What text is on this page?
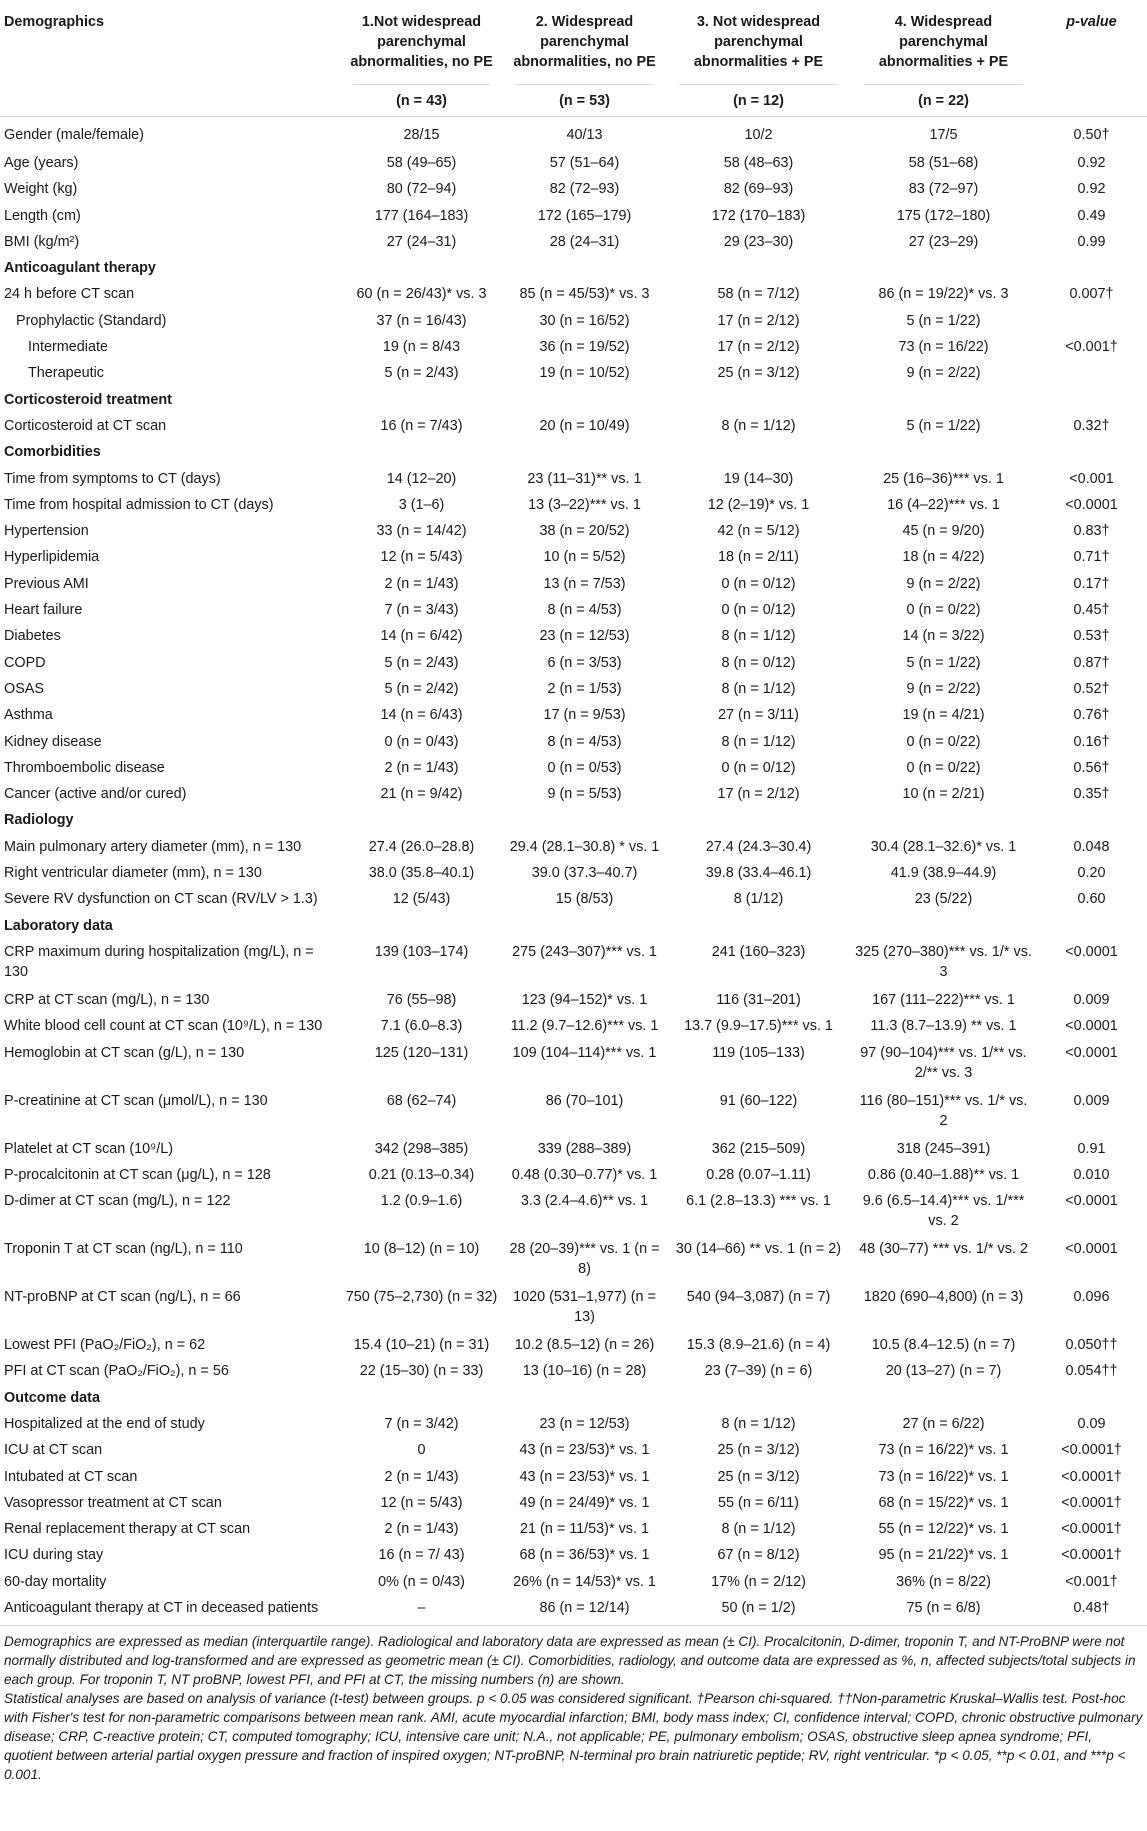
Demographics	1.Not widespread parenchymal abnormalities, no PE	2. Widespread parenchymal abnormalities, no PE	3. Not widespread parenchymal abnormalities + PE	4. Widespread parenchymal abnormalities + PE	p-value

	(n = 43)	(n = 53)	(n = 12)	(n = 22)	

Gender (male/female)	28/15	40/13	10/2	17/5	0.50†
Age (years)	58 (49–65)	57 (51–64)	58 (48–63)	58 (51–68)	0.92
Weight (kg)	80 (72–94)	82 (72–93)	82 (69–93)	83 (72–97)	0.92
Length (cm)	177 (164–183)	172 (165–179)	172 (170–183)	175 (172–180)	0.49
BMI (kg/m²)	27 (24–31)	28 (24–31)	29 (23–30)	27 (23–29)	0.99
Anticoagulant therapy					
24 h before CT scan	60 (n = 26/43)* vs. 3	85 (n = 45/53)* vs. 3	58 (n = 7/12)	86 (n = 19/22)* vs. 3	0.007†
Prophylactic (Standard)	37 (n = 16/43)	30 (n = 16/52)	17 (n = 2/12)	5 (n = 1/22)	
Intermediate	19 (n = 8/43	36 (n = 19/52)	17 (n = 2/12)	73 (n = 16/22)	<0.001†
Therapeutic	5 (n = 2/43)	19 (n = 10/52)	25 (n = 3/12)	9 (n = 2/22)	
Corticosteroid treatment					
Corticosteroid at CT scan	16 (n = 7/43)	20 (n = 10/49)	8 (n = 1/12)	5 (n = 1/22)	0.32†
Comorbidities					
Time from symptoms to CT (days)	14 (12–20)	23 (11–31)** vs. 1	19 (14–30)	25 (16–36)*** vs. 1	<0.001
Time from hospital admission to CT (days)	3 (1–6)	13 (3–22)*** vs. 1	12 (2–19)* vs. 1	16 (4–22)*** vs. 1	<0.0001
Hypertension	33 (n = 14/42)	38 (n = 20/52)	42 (n = 5/12)	45 (n = 9/20)	0.83†
Hyperlipidemia	12 (n = 5/43)	10 (n = 5/52)	18 (n = 2/11)	18 (n = 4/22)	0.71†
Previous AMI	2 (n = 1/43)	13 (n = 7/53)	0 (n = 0/12)	9 (n = 2/22)	0.17†
Heart failure	7 (n = 3/43)	8 (n = 4/53)	0 (n = 0/12)	0 (n = 0/22)	0.45†
Diabetes	14 (n = 6/42)	23 (n = 12/53)	8 (n = 1/12)	14 (n = 3/22)	0.53†
COPD	5 (n = 2/43)	6 (n = 3/53)	8 (n = 0/12)	5 (n = 1/22)	0.87†
OSAS	5 (n = 2/42)	2 (n = 1/53)	8 (n = 1/12)	9 (n = 2/22)	0.52†
Asthma	14 (n = 6/43)	17 (n = 9/53)	27 (n = 3/11)	19 (n = 4/21)	0.76†
Kidney disease	0 (n = 0/43)	8 (n = 4/53)	8 (n = 1/12)	0 (n = 0/22)	0.16†
Thromboembolic disease	2 (n = 1/43)	0 (n = 0/53)	0 (n = 0/12)	0 (n = 0/22)	0.56†
Cancer (active and/or cured)	21 (n = 9/42)	9 (n = 5/53)	17 (n = 2/12)	10 (n = 2/21)	0.35†
Radiology					
Main pulmonary artery diameter (mm), n = 130	27.4 (26.0–28.8)	29.4 (28.1–30.8) * vs. 1	27.4 (24.3–30.4)	30.4 (28.1–32.6)* vs. 1	0.048
Right ventricular diameter (mm), n = 130	38.0 (35.8–40.1)	39.0 (37.3–40.7)	39.8 (33.4–46.1)	41.9 (38.9–44.9)	0.20
Severe RV dysfunction on CT scan (RV/LV > 1.3)	12 (5/43)	15 (8/53)	8 (1/12)	23 (5/22)	0.60
Laboratory data					
CRP maximum during hospitalization (mg/L), n = 130	139 (103–174)	275 (243–307)*** vs. 1	241 (160–323)	325 (270–380)*** vs. 1/* vs. 3	<0.0001
CRP at CT scan (mg/L), n = 130	76 (55–98)	123 (94–152)* vs. 1	116 (31–201)	167 (111–222)*** vs. 1	0.009
White blood cell count at CT scan (10⁹/L), n = 130	7.1 (6.0–8.3)	11.2 (9.7–12.6)*** vs. 1	13.7 (9.9–17.5)*** vs. 1	11.3 (8.7–13.9) ** vs. 1	<0.0001
Hemoglobin at CT scan (g/L), n = 130	125 (120–131)	109 (104–114)*** vs. 1	119 (105–133)	97 (90–104)*** vs. 1/** vs. 2/** vs. 3	<0.0001
P-creatinine at CT scan (μmol/L), n = 130	68 (62–74)	86 (70–101)	91 (60–122)	116 (80–151)*** vs. 1/* vs. 2	0.009
Platelet at CT scan (10⁹/L)	342 (298–385)	339 (288–389)	362 (215–509)	318 (245–391)	0.91
P-procalcitonin at CT scan (μg/L), n = 128	0.21 (0.13–0.34)	0.48 (0.30–0.77)* vs. 1	0.28 (0.07–1.11)	0.86 (0.40–1.88)** vs. 1	0.010
D-dimer at CT scan (mg/L), n = 122	1.2 (0.9–1.6)	3.3 (2.4–4.6)** vs. 1	6.1 (2.8–13.3) *** vs. 1	9.6 (6.5–14.4)*** vs. 1/*** vs. 2	<0.0001
Troponin T at CT scan (ng/L), n = 110	10 (8–12) (n = 10)	28 (20–39)*** vs. 1 (n = 8)	30 (14–66) ** vs. 1 (n = 2)	48 (30–77) *** vs. 1/* vs. 2	<0.0001
NT-proBNP at CT scan (ng/L), n = 66	750 (75–2,730) (n = 32)	1020 (531–1,977) (n = 13)	540 (94–3,087) (n = 7)	1820 (690–4,800) (n = 3)	0.096
Lowest PFI (PaO₂/FiO₂), n = 62	15.4 (10–21) (n = 31)	10.2 (8.5–12) (n = 26)	15.3 (8.9–21.6) (n = 4)	10.5 (8.4–12.5) (n = 7)	0.050††
PFI at CT scan (PaO₂/FiO₂), n = 56	22 (15–30) (n = 33)	13 (10–16) (n = 28)	23 (7–39) (n = 6)	20 (13–27) (n = 7)	0.054††
Outcome data					
Hospitalized at the end of study	7 (n = 3/42)	23 (n = 12/53)	8 (n = 1/12)	27 (n = 6/22)	0.09
ICU at CT scan	0	43 (n = 23/53)* vs. 1	25 (n = 3/12)	73 (n = 16/22)* vs. 1	<0.0001†
Intubated at CT scan	2 (n = 1/43)	43 (n = 23/53)* vs. 1	25 (n = 3/12)	73 (n = 16/22)* vs. 1	<0.0001†
Vasopressor treatment at CT scan	12 (n = 5/43)	49 (n = 24/49)* vs. 1	55 (n = 6/11)	68 (n = 15/22)* vs. 1	<0.0001†
Renal replacement therapy at CT scan	2 (n = 1/43)	21 (n = 11/53)* vs. 1	8 (n = 1/12)	55 (n = 12/22)* vs. 1	<0.0001†
ICU during stay	16 (n = 7/ 43)	68 (n = 36/53)* vs. 1	67 (n = 8/12)	95 (n = 21/22)* vs. 1	<0.0001†
60-day mortality	0% (n = 0/43)	26% (n = 14/53)* vs. 1	17% (n = 2/12)	36% (n = 8/22)	<0.001†
Anticoagulant therapy at CT in deceased patients	–	86 (n = 12/14)	50 (n = 1/2)	75 (n = 6/8)	0.48†

Demographics are expressed as median (interquartile range). Radiological and laboratory data are expressed as mean (± CI). Procalcitonin, D-dimer, troponin T, and NT-ProBNP were not normally distributed and log-transformed and are expressed as geometric mean (± CI). Comorbidities, radiology, and outcome data are expressed as %, n, affected subjects/total subjects in each group. For troponin T, NT proBNP, lowest PFI, and PFI at CT, the missing numbers (n) are shown.

Statistical analyses are based on analysis of variance (t-test) between groups. p < 0.05 was considered significant. †Pearson chi-squared. ††Non-parametric Kruskal–Wallis test. Post-hoc with Fisher's test for non-parametric comparisons between mean rank. AMI, acute myocardial infarction; BMI, body mass index; CI, confidence interval; COPD, chronic obstructive pulmonary disease; CRP, C-reactive protein; CT, computed tomography; ICU, intensive care unit; N.A., not applicable; PE, pulmonary embolism; OSAS, obstructive sleep apnea syndrome; PFI, quotient between arterial partial oxygen pressure and fraction of inspired oxygen; NT-proBNP, N-terminal pro brain natriuretic peptide; RV, right ventricular. *p < 0.05, **p < 0.01, and ***p < 0.001.
